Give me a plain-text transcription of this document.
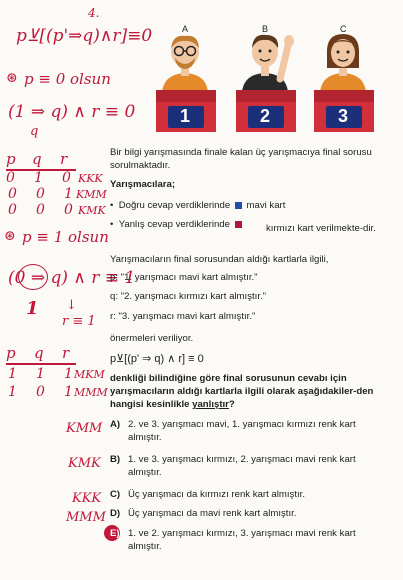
p⊻[(p'⇒q)∧r]≡0
4.
⊛ p ≡ 0 olsun
(1 ⇒ q) ∧ r ≡ 0
q
p q r
0 1 0 KKK
0 0 1 KMM
0 0 0 KMK
⊛ p ≡ 1 olsun
(0 ⇒ q) ∧ r ≡ 1
1 ↓
r ≡ 1
p q r
1 1 1 MKM
1 0 1 MMM
KMM
KMK
KKK
MMM
A	B	C
1	2	3
Bir bilgi yarışmasında finale kalan üç yarışmacıya final sorusu sorulmaktadır.
Yarışmacılara;
•  Doğru cevap verdiklerinde mavi kart
•  Yanlış cevap verdiklerinde	kırmızı kart verilmekte-dir.
Yarışmacıların final sorusundan aldığı kartlarla ilgili,
p: "1. yarışmacı mavi kart almıştır."
q: "2. yarışmacı kırmızı kart almıştır."
r: "3. yarışmacı mavi kart almıştır."
önermeleri veriliyor.
p⊻[(p' ⇒ q) ∧ r] ≡ 0
denkliği bilindiğine göre final sorusunun cevabı için yarışmacıların aldığı kartlarla ilgili olarak aşağıdakiler-den hangisi kesinlikle yanlıştır?
A) 2. ve 3. yarışmacı mavi, 1. yarışmacı kırmızı renk kart
almıştır.
B) 1. ve 3. yarışmacı kırmızı, 2. yarışmacı mavi renk kart
almıştır.
C) Üç yarışmacı da kırmızı renk kart almıştır.
D) Üç yarışmacı da mavi renk kart almıştır.
E) 1. ve 2. yarışmacı kırmızı, 3. yarışmacı mavi renk kart
almıştır.
